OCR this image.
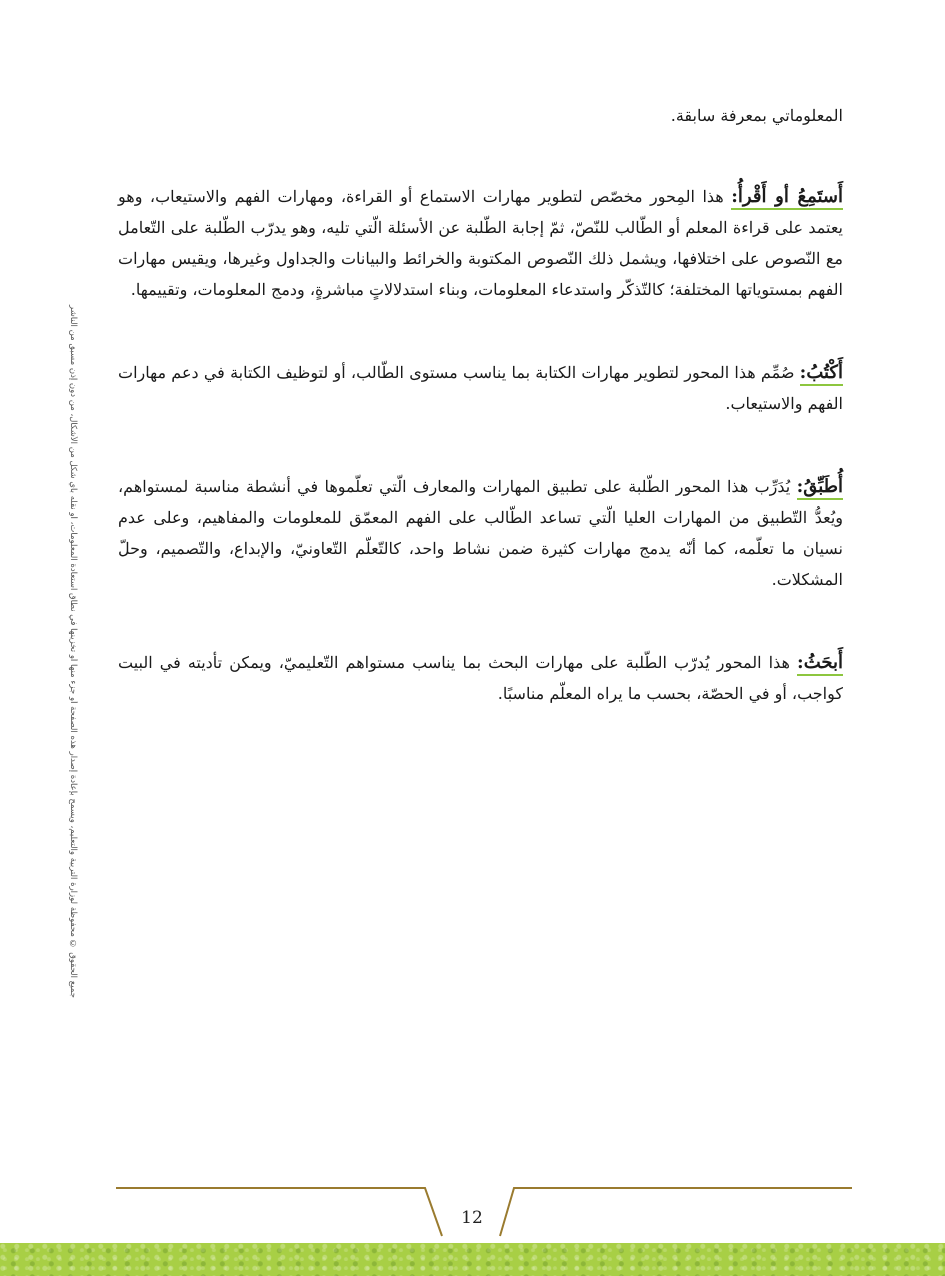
المعلوماتي بمعرفة سابقة.

أَستَمِعُ أو أَقْرأُ: هذا المِحور مخصّص لتطوير مهارات الاستماع أو القراءة، ومهارات الفهم والاستيعاب، وهو يعتمد على قراءة المعلم أو الطّالب للنّصّ، ثمّ إجابة الطّلبة عن الأسئلة الّتي تليه، وهو يدرّب الطّلبة على التّعامل مع النّصوص على اختلافها، ويشمل ذلك النّصوص المكتوبة والخرائط والبيانات والجداول وغيرها، ويقيس مهارات الفهم بمستوياتها المختلفة؛ كالتّذكّر واستدعاء المعلومات، وبناء استدلالاتٍ مباشرةٍ، ودمج المعلومات، وتقييمها.

أَكْتُبُ: صُمِّم هذا المحور لتطوير مهارات الكتابة بما يناسب مستوى الطّالب، أو لتوظيف الكتابة في دعم مهارات الفهم والاستيعاب.

أُطَبِّقُ: يُدَرِّب هذا المحور الطّلبة على تطبيق المهارات والمعارف الّتي تعلّموها في أنشطة مناسبة لمستواهم، ويُعدُّ التّطبيق من المهارات العليا الّتي تساعد الطّالب على الفهم المعمّق للمعلومات والمفاهيم، وعلى عدم نسيان ما تعلّمه، كما أنّه يدمج مهارات كثيرة ضمن نشاط واحد، كالتّعلّم التّعاونيّ، والإبداع، والتّصميم، وحلّ المشكلات.

أَبحَثُ: هذا المحور يُدرّب الطّلبة على مهارات البحث بما يناسب مستواهم التّعليميّ، ويمكن تأديته في البيت كواجب، أو في الحصّة، بحسب ما يراه المعلّم مناسبًا.

جميع الحقوق © محفوظة لوزارة التربية والتعليم، ويسمح بإعادة إصدار هذه الصفحة أو جزء منها أو تخزينها في نطاق استعادة المعلومات، أو نقله بأي شكل من الأشكال، من دون إذن مسبق من الناشر
12
